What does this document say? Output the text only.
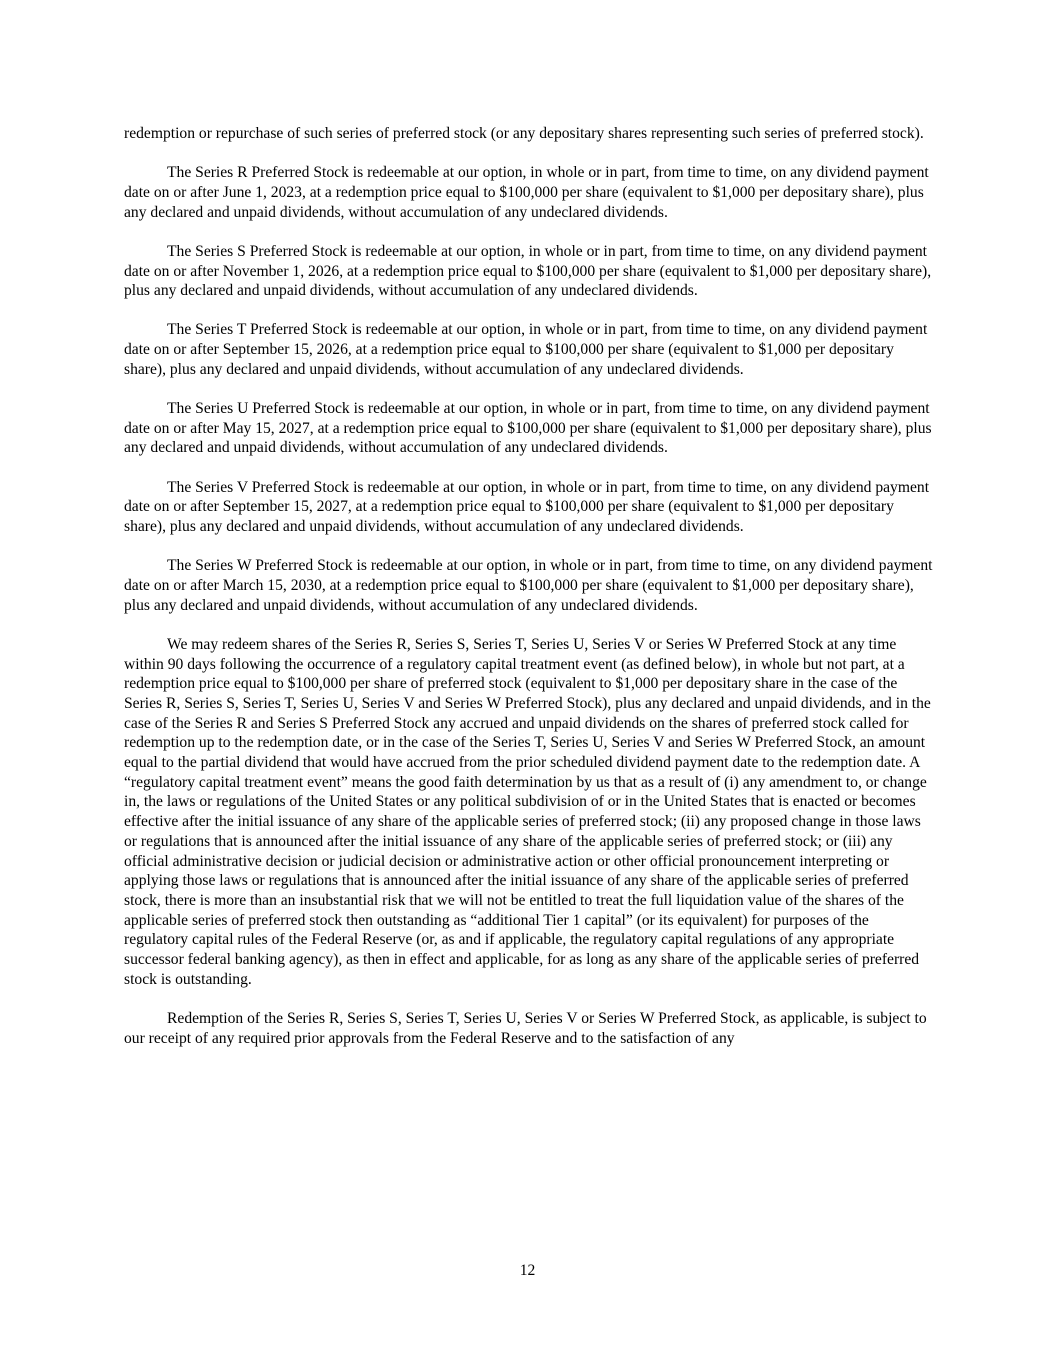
redemption or repurchase of such series of preferred stock (or any depositary shares representing such series of preferred stock).

The Series R Preferred Stock is redeemable at our option, in whole or in part, from time to time, on any dividend payment date on or after June 1, 2023, at a redemption price equal to $100,000 per share (equivalent to $1,000 per depositary share), plus any declared and unpaid dividends, without accumulation of any undeclared dividends.

The Series S Preferred Stock is redeemable at our option, in whole or in part, from time to time, on any dividend payment date on or after November 1, 2026, at a redemption price equal to $100,000 per share (equivalent to $1,000 per depositary share), plus any declared and unpaid dividends, without accumulation of any undeclared dividends.

The Series T Preferred Stock is redeemable at our option, in whole or in part, from time to time, on any dividend payment date on or after September 15, 2026, at a redemption price equal to $100,000 per share (equivalent to $1,000 per depositary share), plus any declared and unpaid dividends, without accumulation of any undeclared dividends.

The Series U Preferred Stock is redeemable at our option, in whole or in part, from time to time, on any dividend payment date on or after May 15, 2027, at a redemption price equal to $100,000 per share (equivalent to $1,000 per depositary share), plus any declared and unpaid dividends, without accumulation of any undeclared dividends.

The Series V Preferred Stock is redeemable at our option, in whole or in part, from time to time, on any dividend payment date on or after September 15, 2027, at a redemption price equal to $100,000 per share (equivalent to $1,000 per depositary share), plus any declared and unpaid dividends, without accumulation of any undeclared dividends.

The Series W Preferred Stock is redeemable at our option, in whole or in part, from time to time, on any dividend payment date on or after March 15, 2030, at a redemption price equal to $100,000 per share (equivalent to $1,000 per depositary share), plus any declared and unpaid dividends, without accumulation of any undeclared dividends.

We may redeem shares of the Series R, Series S, Series T, Series U, Series V or Series W Preferred Stock at any time within 90 days following the occurrence of a regulatory capital treatment event (as defined below), in whole but not part, at a redemption price equal to $100,000 per share of preferred stock (equivalent to $1,000 per depositary share in the case of the Series R, Series S, Series T, Series U, Series V and Series W Preferred Stock), plus any declared and unpaid dividends, and in the case of the Series R and Series S Preferred Stock any accrued and unpaid dividends on the shares of preferred stock called for redemption up to the redemption date, or in the case of the Series T, Series U, Series V and Series W Preferred Stock, an amount equal to the partial dividend that would have accrued from the prior scheduled dividend payment date to the redemption date. A “regulatory capital treatment event” means the good faith determination by us that as a result of (i) any amendment to, or change in, the laws or regulations of the United States or any political subdivision of or in the United States that is enacted or becomes effective after the initial issuance of any share of the applicable series of preferred stock; (ii) any proposed change in those laws or regulations that is announced after the initial issuance of any share of the applicable series of preferred stock; or (iii) any official administrative decision or judicial decision or administrative action or other official pronouncement interpreting or applying those laws or regulations that is announced after the initial issuance of any share of the applicable series of preferred stock, there is more than an insubstantial risk that we will not be entitled to treat the full liquidation value of the shares of the applicable series of preferred stock then outstanding as “additional Tier 1 capital” (or its equivalent) for purposes of the regulatory capital rules of the Federal Reserve (or, as and if applicable, the regulatory capital regulations of any appropriate successor federal banking agency), as then in effect and applicable, for as long as any share of the applicable series of preferred stock is outstanding.

Redemption of the Series R, Series S, Series T, Series U, Series V or Series W Preferred Stock, as applicable, is subject to our receipt of any required prior approvals from the Federal Reserve and to the satisfaction of any

12
